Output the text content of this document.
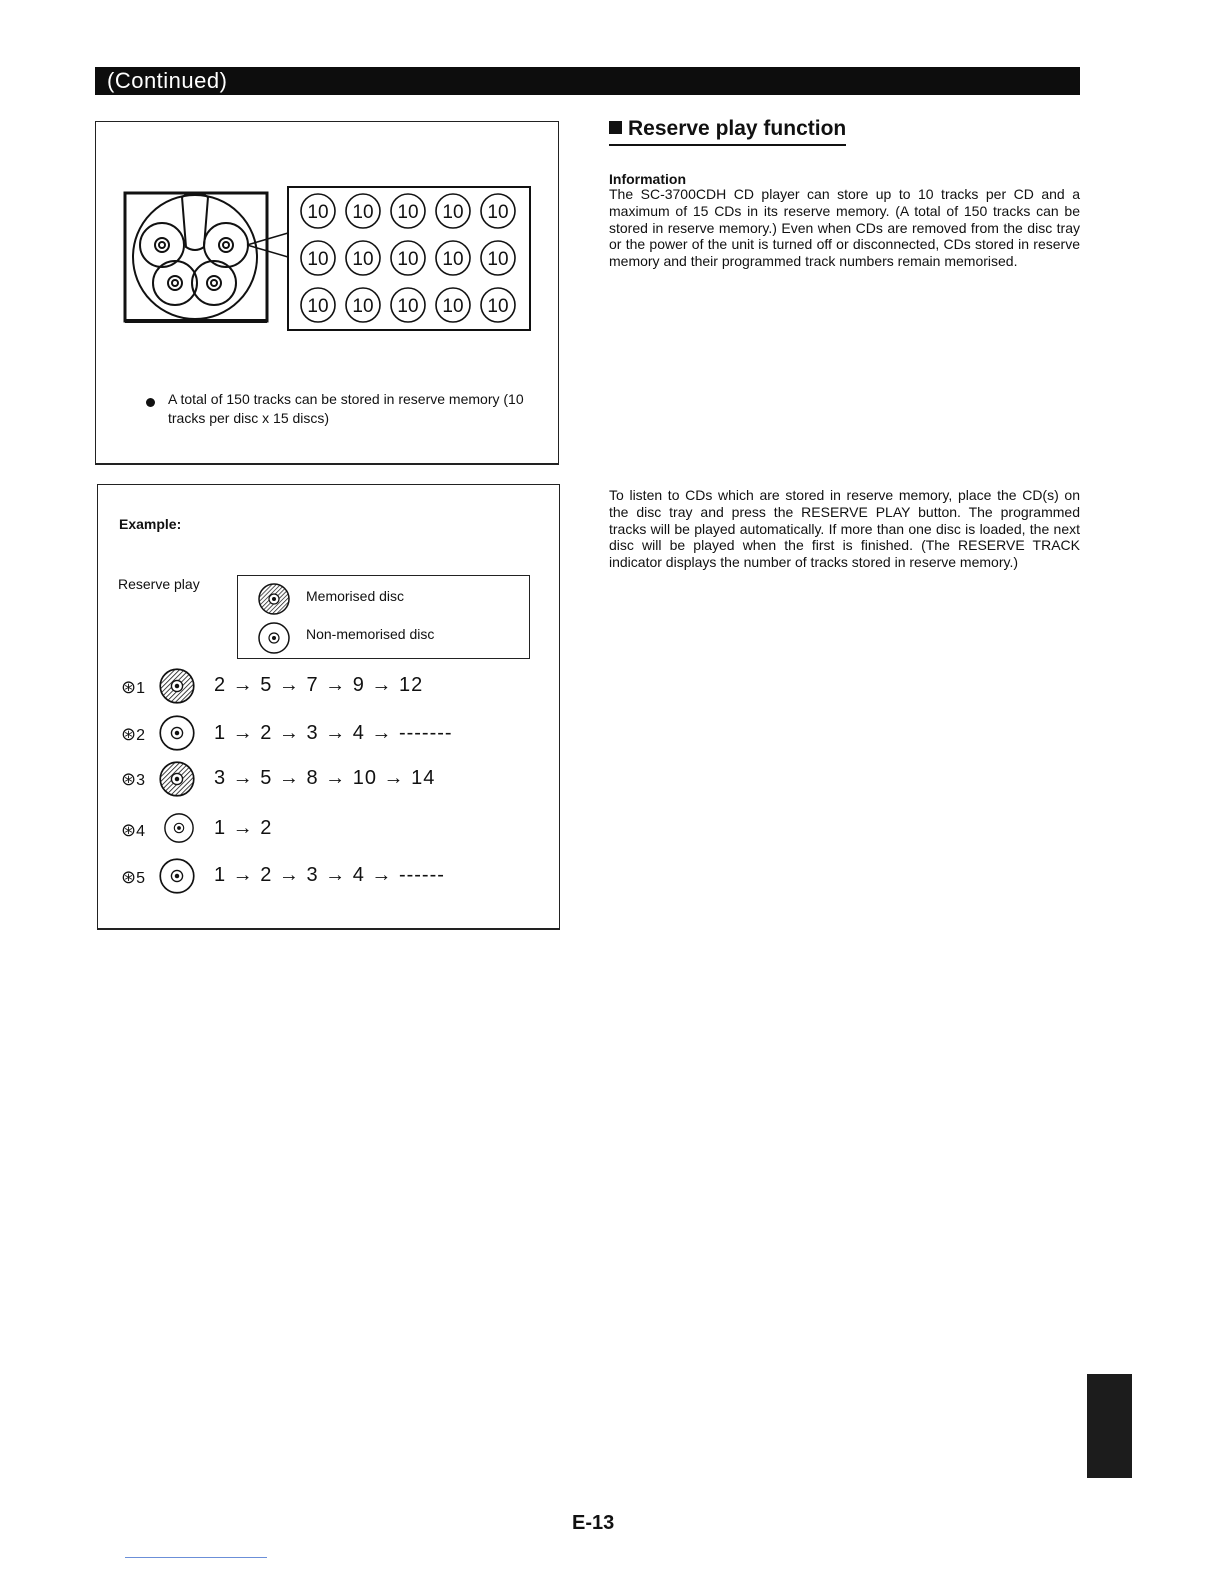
(Continued)
10 10 10 10 10
10 10 10 10 10
10 10 10 10 10
A total of 150 tracks can be stored in reserve memory (10 tracks per disc x 15 discs)
Example:
Reserve play
Memorised disc
Non-memorised disc
⊛1	2 → 5 → 7 → 9 → 12
⊛2	1 → 2 → 3 → 4 → -------
⊛3	3 → 5 → 8 → 10 → 14
⊛4	1 → 2
⊛5	1 → 2 → 3 → 4 → ------
Reserve play function
Information
The SC-3700CDH CD player can store up to 10 tracks per CD and a maximum of 15 CDs in its reserve memory. (A total of 150 tracks can be stored in reserve memory.) Even when CDs are removed from the disc tray or the power of the unit is turned off or disconnected, CDs stored in reserve memory and their programmed track numbers remain memorised.
To listen to CDs which are stored in reserve memory, place the CD(s) on the disc tray and press the RESERVE PLAY button. The programmed tracks will be played automatically. If more than one disc is loaded, the next disc will be played when the first is finished. (The RESERVE TRACK indicator displays the number of tracks stored in reserve memory.)
E-13
